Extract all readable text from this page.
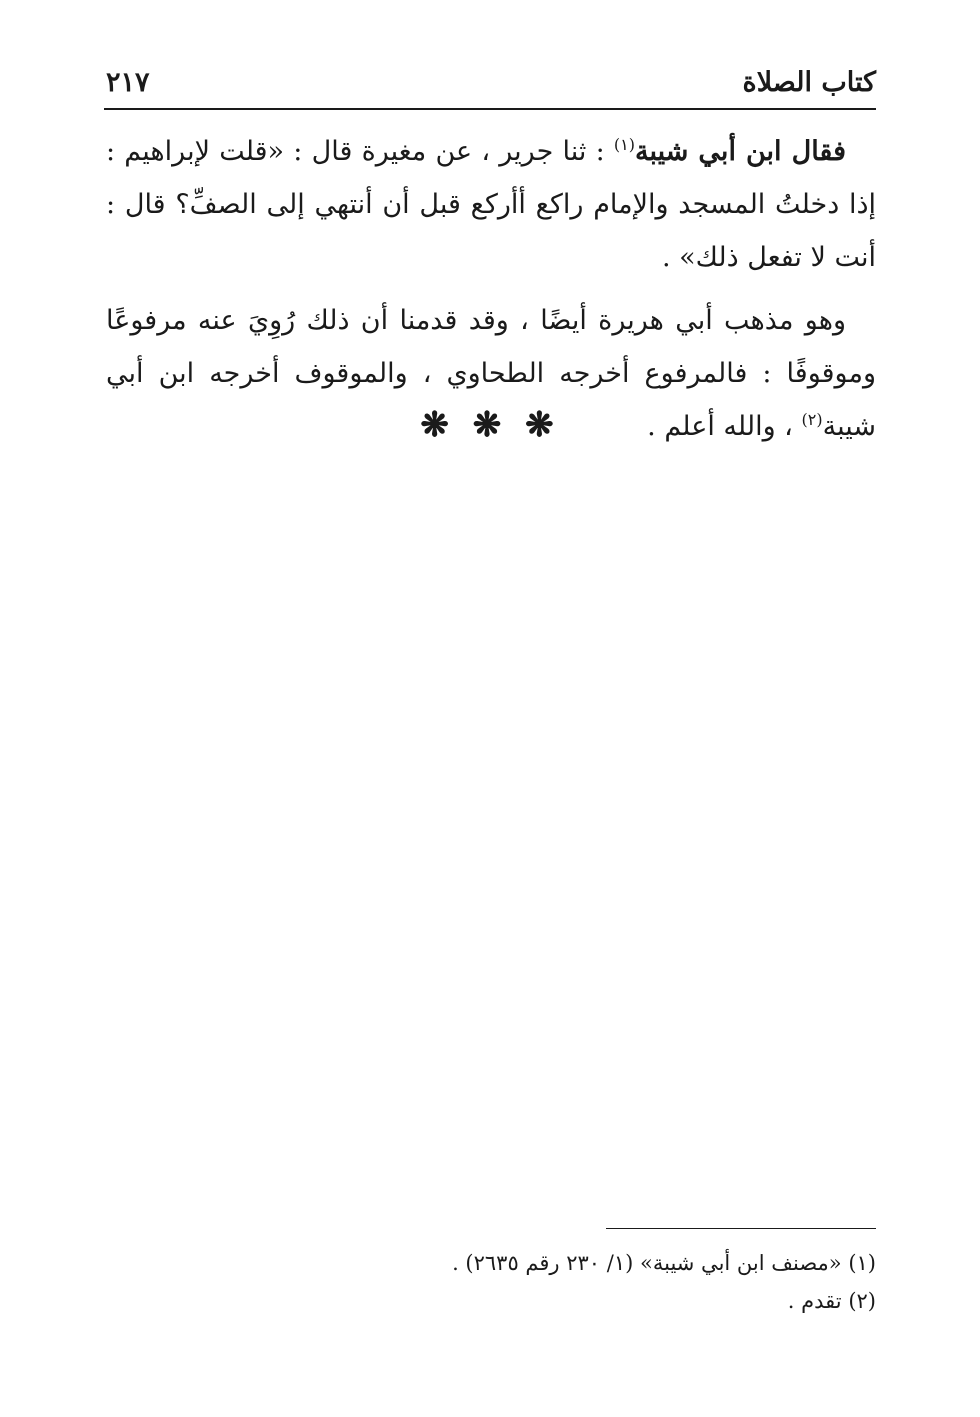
كتاب الصلاة
٢١٧

فقال ابن أبي شيبة$^{(١)}$ : ثنا جرير ، عن مغيرة قال : «قلت لإبراهيم : إذا دخلتُ المسجد والإمام راكع أأركع قبل أن أنتهي إلى الصفِّ؟ قال : أنت لا تفعل ذلك» .

وهو مذهب أبي هريرة أيضًا ، وقد قدمنا أن ذلك رُوِيَ عنه مرفوعًا وموقوفًا : فالمرفوع أخرجه الطحاوي ، والموقوف أخرجه ابن أبي شيبة$^{(٢)}$ ، والله أعلم .

❋ ❋ ❋
(١) «مصنف ابن أبي شيبة» (١/ ٢٣٠ رقم ٢٦٣٥) .
(٢) تقدم .
